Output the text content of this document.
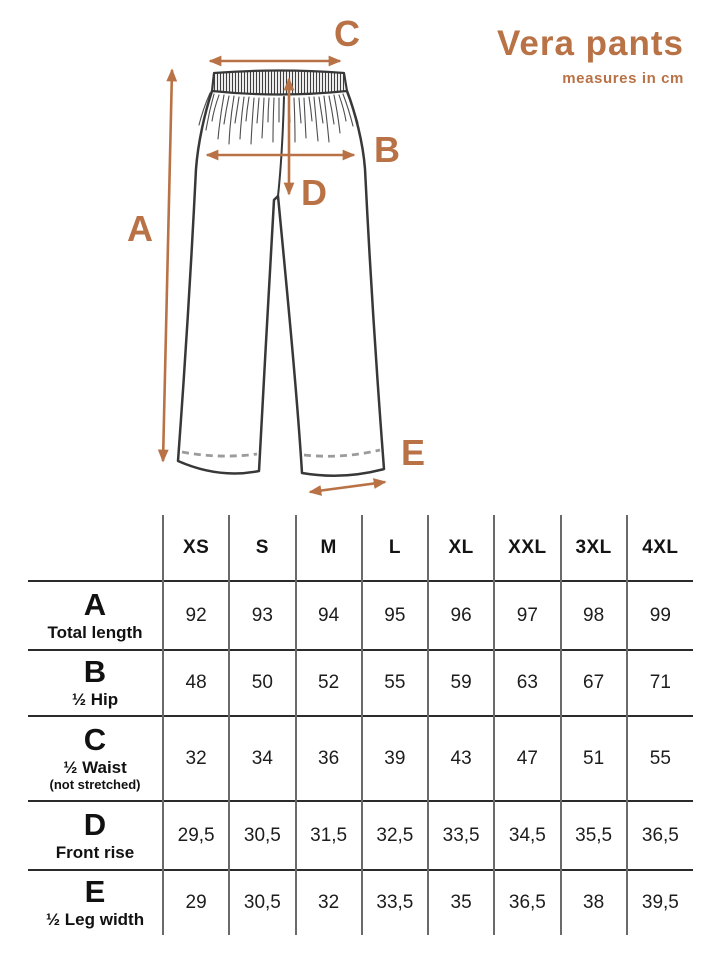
Vera pants
measures in cm
A
B
C
D
E
	XS	S	M	L	XL	XXL	3XL	4XL

A
Total length	92	93	94	95	96	97	98	99

B
½ Hip	48	50	52	55	59	63	67	71

C
½ Waist
(not stretched)	32	34	36	39	43	47	51	55

D
Front rise	29,5	30,5	31,5	32,5	33,5	34,5	35,5	36,5

E
½ Leg width	29	30,5	32	33,5	35	36,5	38	39,5
